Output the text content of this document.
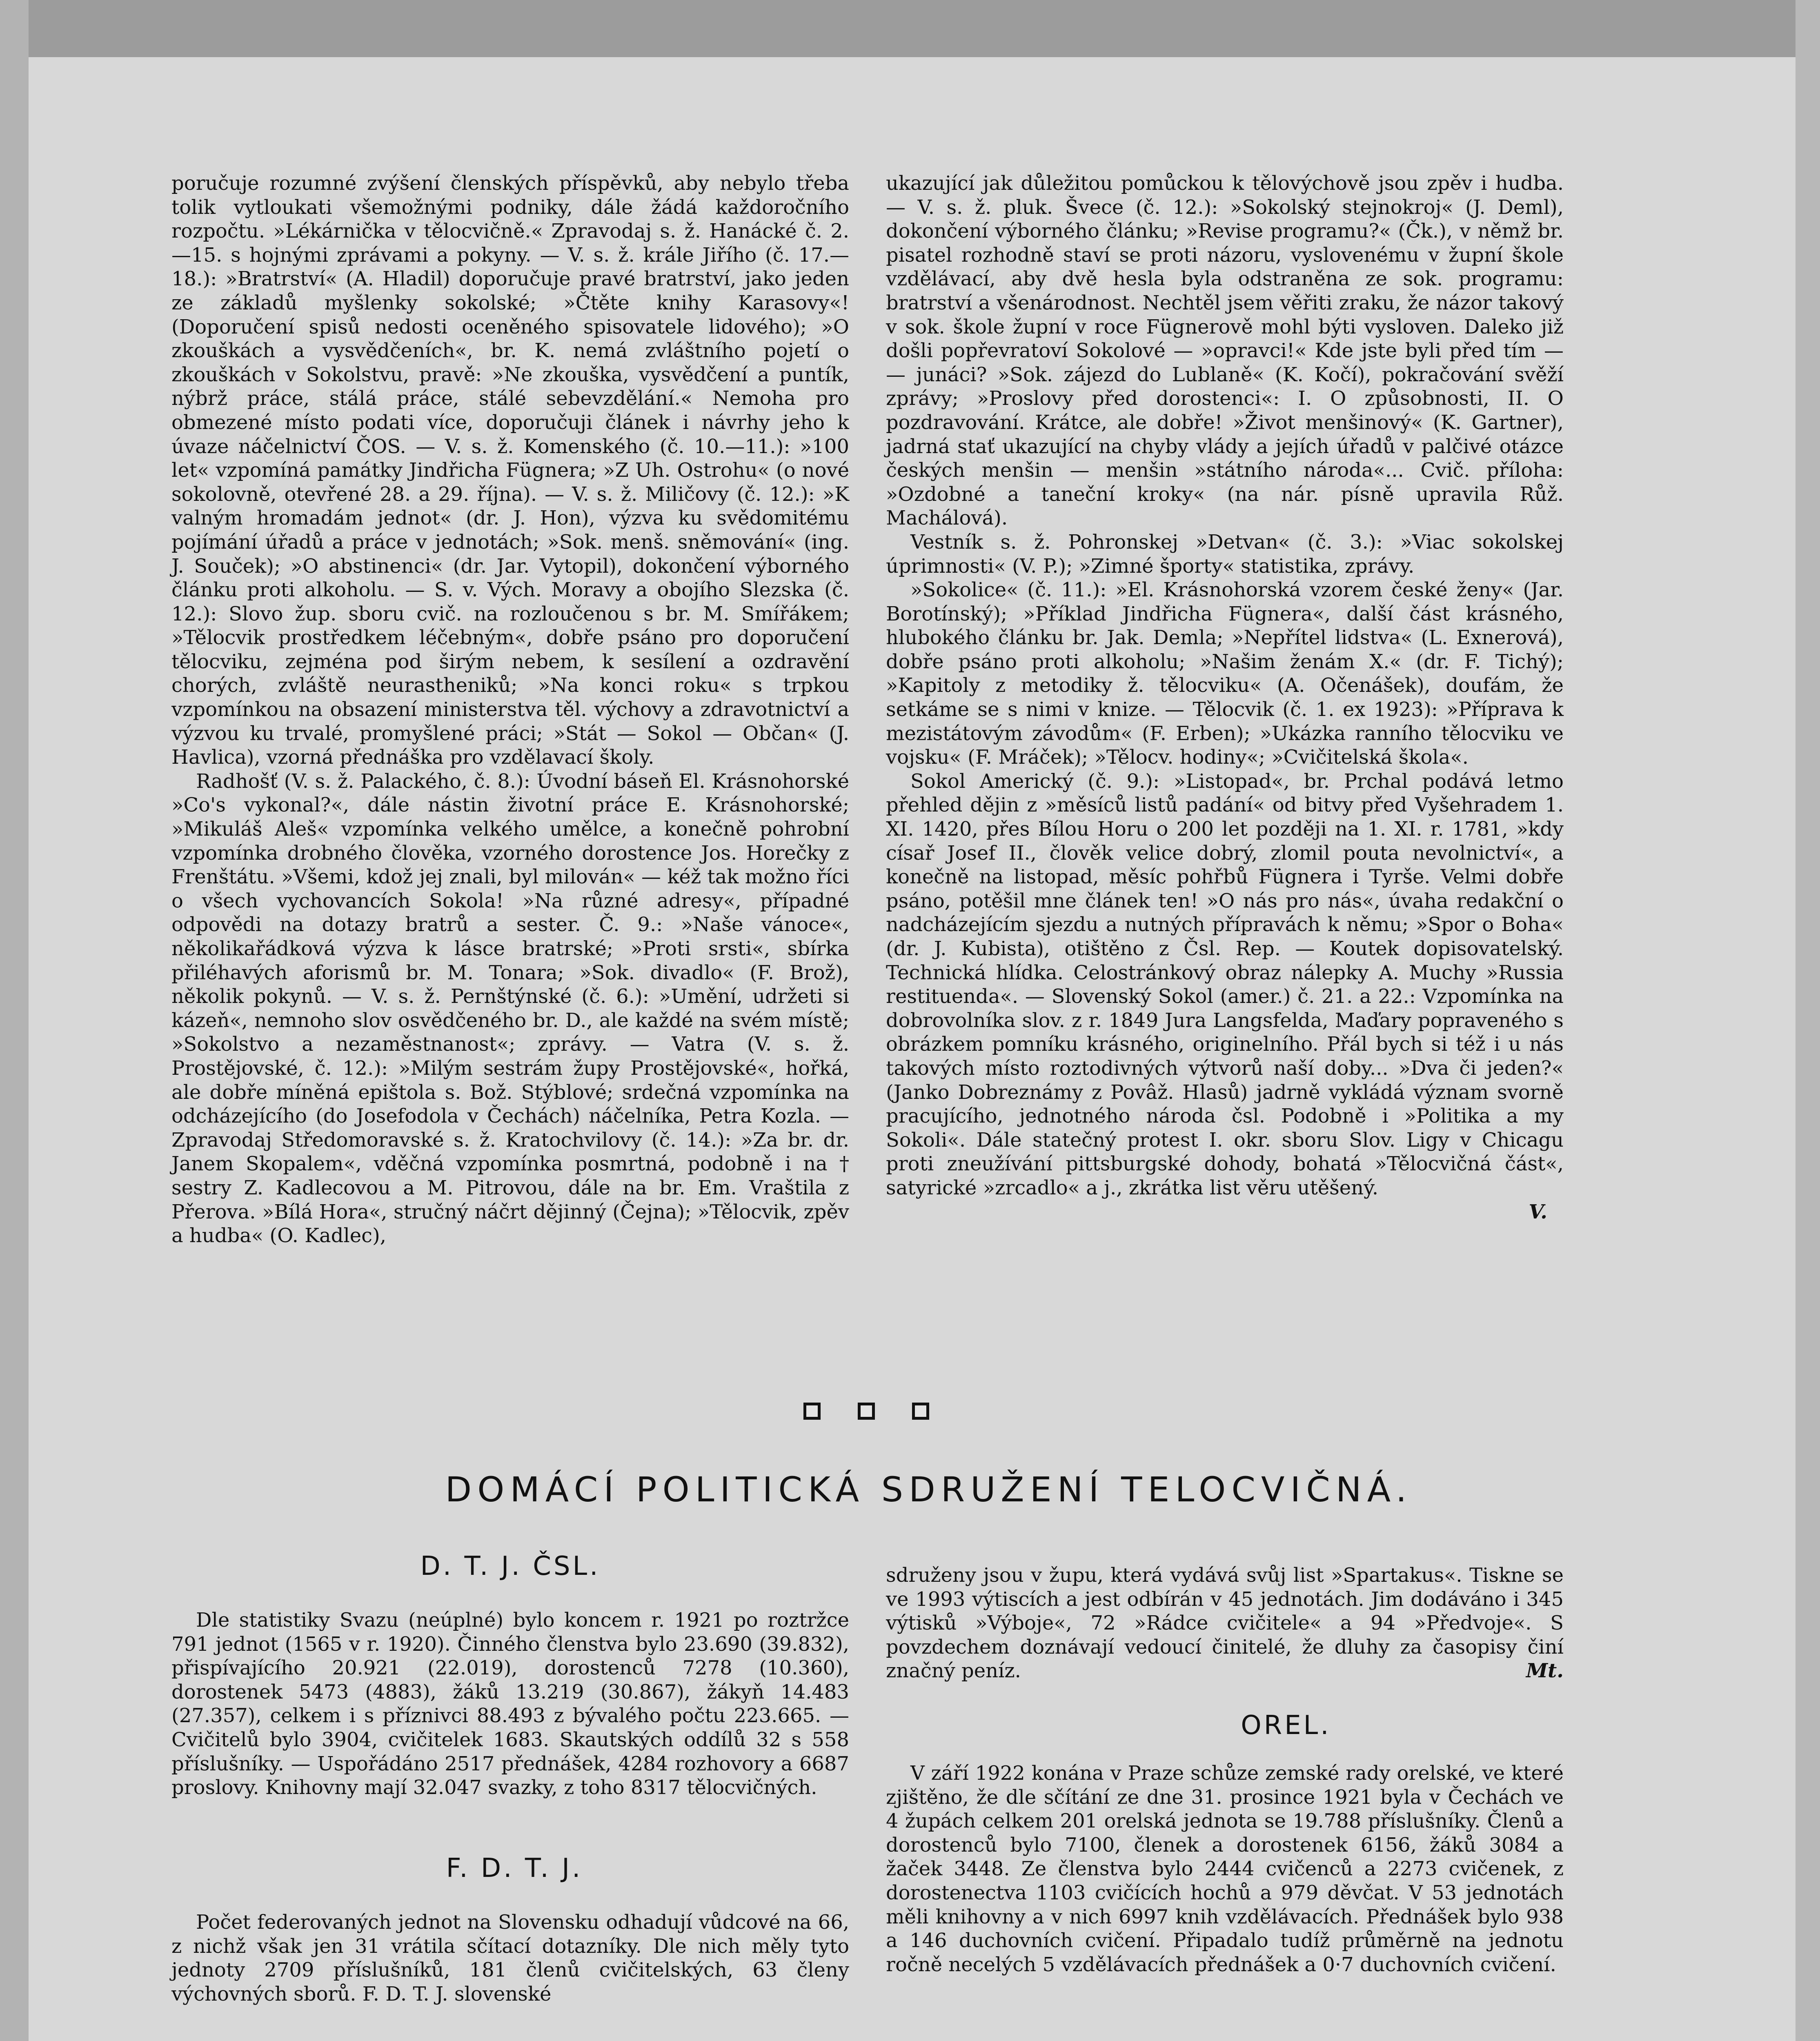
poručuje rozumné zvýšení členských příspěvků, aby nebylo třeba tolik vytloukati všemožnými podniky, dále žádá každoročního rozpočtu. »Lékárnička v tělocvičně.« Zpravodaj s. ž. Hanácké č. 2.—15. s hojnými zprávami a pokyny. — V. s. ž. krále Jiřího (č. 17.—18.): »Bratrství« (A. Hladil) doporučuje pravé bratrství, jako jeden ze základů myšlenky sokolské; »Čtěte knihy Karasovy«! (Doporučení spisů nedosti oceněného spisovatele lidového); »O zkouškách a vysvědčeních«, br. K. nemá zvláštního pojetí o zkouškách v Sokolstvu, pravě: »Ne zkouška, vysvědčení a puntík, nýbrž práce, stálá práce, stálé sebevzdělání.« Nemoha pro obmezené místo podati více, doporučuji článek i návrhy jeho k úvaze náčelnictví ČOS. — V. s. ž. Komenského (č. 10.—11.): »100 let« vzpomíná památky Jindřicha Fügnera; »Z Uh. Ostrohu« (o nové sokolovně, otevřené 28. a 29. října). — V. s. ž. Miličovy (č. 12.): »K valným hromadám jednot« (dr. J. Hon), výzva ku svědomitému pojímání úřadů a práce v jednotách; »Sok. menš. sněmování« (ing. J. Souček); »O abstinenci« (dr. Jar. Vytopil), dokončení výborného článku proti alkoholu. — S. v. Vých. Moravy a obojího Slezska (č. 12.): Slovo žup. sboru cvič. na rozloučenou s br. M. Smířákem; »Tělocvik prostředkem léčebným«, dobře psáno pro doporučení tělocviku, zejména pod širým nebem, k sesílení a ozdravění chorých, zvláště neurastheniků; »Na konci roku« s trpkou vzpomínkou na obsazení ministerstva těl. výchovy a zdravotnictví a výzvou ku trvalé, promyšlené práci; »Stát — Sokol — Občan« (J. Havlica), vzorná přednáška pro vzdělavací školy.

Radhošť (V. s. ž. Palackého, č. 8.): Úvodní báseň El. Krásnohorské »Co's vykonal?«, dále nástin životní práce E. Krásnohorské; »Mikuláš Aleš« vzpomínka velkého umělce, a konečně pohrobní vzpomínka drobného člověka, vzorného dorostence Jos. Horečky z Frenštátu. »Všemi, kdož jej znali, byl milován« — kéž tak možno říci o všech vychovancích Sokola! »Na různé adresy«, případné odpovědi na dotazy bratrů a sester. Č. 9.: »Naše vánoce«, několikařádková výzva k lásce bratrské; »Proti srsti«, sbírka přiléhavých aforismů br. M. Tonara; »Sok. divadlo« (F. Brož), několik pokynů. — V. s. ž. Pernštýnské (č. 6.): »Umění, udržeti si kázeň«, nemnoho slov osvědčeného br. D., ale každé na svém místě; »Sokolstvo a nezaměstnanost«; zprávy. — Vatra (V. s. ž. Prostějovské, č. 12.): »Milým sestrám župy Prostějovské«, hořká, ale dobře míněná epištola s. Bož. Stýblové; srdečná vzpomínka na odcházejícího (do Josefodola v Čechách) náčelníka, Petra Kozla. — Zpravodaj Středomoravské s. ž. Kratochvilovy (č. 14.): »Za br. dr. Janem Skopalem«, vděčná vzpomínka posmrtná, podobně i na † sestry Z. Kadlecovou a M. Pitrovou, dále na br. Em. Vraštila z Přerova. »Bílá Hora«, stručný náčrt dějinný (Čejna); »Tělocvik, zpěv a hudba« (O. Kadlec),

ukazující jak důležitou pomůckou k tělovýchově jsou zpěv i hudba. — V. s. ž. pluk. Švece (č. 12.): »Sokolský stejnokroj« (J. Deml), dokončení výborného článku; »Revise programu?« (Čk.), v němž br. pisatel rozhodně staví se proti názoru, vyslovenému v župní škole vzdělávací, aby dvě hesla byla odstraněna ze sok. programu: bratrství a všenárodnost. Nechtěl jsem věřiti zraku, že názor takový v sok. škole župní v roce Fügnerově mohl býti vysloven. Daleko již došli popřevratoví Sokolové — »opravci!« Kde jste byli před tím — — junáci? »Sok. zájezd do Lublaně« (K. Kočí), pokračování svěží zprávy; »Proslovy před dorostenci«: I. O způsobnosti, II. O pozdravování. Krátce, ale dobře! »Život menšinový« (K. Gartner), jadrná stať ukazující na chyby vlády a jejích úřadů v palčivé otázce českých menšin — menšin »státního národa«... Cvič. příloha: »Ozdobné a taneční kroky« (na nár. písně upravila Růž. Machálová).

Vestník s. ž. Pohronskej »Detvan« (č. 3.): »Viac sokolskej úprimnosti« (V. P.); »Zimné športy« statistika, zprávy.

»Sokolice« (č. 11.): »El. Krásnohorská vzorem české ženy« (Jar. Borotínský); »Příklad Jindřicha Fügnera«, další část krásného, hlubokého článku br. Jak. Demla; »Nepřítel lidstva« (L. Exnerová), dobře psáno proti alkoholu; »Našim ženám X.« (dr. F. Tichý); »Kapitoly z metodiky ž. tělocviku« (A. Očenášek), doufám, že setkáme se s nimi v knize. — Tělocvik (č. 1. ex 1923): »Příprava k mezistátovým závodům« (F. Erben); »Ukázka ranního tělocviku ve vojsku« (F. Mráček); »Tělocv. hodiny«; »Cvičitelská škola«.

Sokol Americký (č. 9.): »Listopad«, br. Prchal podává letmo přehled dějin z »měsíců listů padání« od bitvy před Vyšehradem 1. XI. 1420, přes Bílou Horu o 200 let později na 1. XI. r. 1781, »kdy císař Josef II., člověk velice dobrý, zlomil pouta nevolnictví«, a konečně na listopad, měsíc pohřbů Fügnera i Tyrše. Velmi dobře psáno, potěšil mne článek ten! »O nás pro nás«, úvaha redakční o nadcházejícím sjezdu a nutných přípravách k němu; »Spor o Boha« (dr. J. Kubista), otištěno z Čsl. Rep. — Koutek dopisovatelský. Technická hlídka. Celostránkový obraz nálepky A. Muchy »Russia restituenda«. — Slovenský Sokol (amer.) č. 21. a 22.: Vzpomínka na dobrovolníka slov. z r. 1849 Jura Langsfelda, Maďary popraveného s obrázkem pomníku krásného, originelního. Přál bych si též i u nás takových místo roztodivných výtvorů naší doby... »Dva či jeden?« (Janko Dobreznámy z Povâž. Hlasů) jadrně vykládá význam svorně pracujícího, jednotného národa čsl. Podobně i »Politika a my Sokoli«. Dále statečný protest I. okr. sboru Slov. Ligy v Chicagu proti zneužívání pittsburgské dohody, bohatá »Tělocvičná část«, satyrické »zrcadlo« a j., zkrátka list věru utěšený.

V.

DOMÁCÍ POLITICKÁ SDRUŽENÍ TELOCVIČNÁ.
D. T. J. ČSL.

Dle statistiky Svazu (neúplné) bylo koncem r. 1921 po roztržce 791 jednot (1565 v r. 1920). Činného členstva bylo 23.690 (39.832), přispívajícího 20.921 (22.019), dorostenců 7278 (10.360), dorostenek 5473 (4883), žáků 13.219 (30.867), žákyň 14.483 (27.357), celkem i s příznivci 88.493 z bývalého počtu 223.665. — Cvičitelů bylo 3904, cvičitelek 1683. Skautských oddílů 32 s 558 příslušníky. — Uspořádáno 2517 přednášek, 4284 rozhovory a 6687 proslovy. Knihovny mají 32.047 svazky, z toho 8317 tělocvičných.

F. D. T. J.

Počet federovaných jednot na Slovensku odhadují vůdcové na 66, z nichž však jen 31 vrátila sčítací dotazníky. Dle nich měly tyto jednoty 2709 příslušníků, 181 členů cvičitelských, 63 členy výchovných sborů. F. D. T. J. slovenské

sdruženy jsou v župu, která vydává svůj list »Spartakus«. Tiskne se ve 1993 výtiscích a jest odbírán v 45 jednotách. Jim dodáváno i 345 výtisků »Výboje«, 72 »Rádce cvičitele« a 94 »Předvoje«. S povzdechem doznávají vedoucí činitelé, že dluhy za časopisy činí značný peníz.	Mt.

OREL.

V září 1922 konána v Praze schůze zemské rady orelské, ve které zjištěno, že dle sčítání ze dne 31. prosince 1921 byla v Čechách ve 4 župách celkem 201 orelská jednota se 19.788 příslušníky. Členů a dorostenců bylo 7100, členek a dorostenek 6156, žáků 3084 a žaček 3448. Ze členstva bylo 2444 cvičenců a 2273 cvičenek, z dorostenectva 1103 cvičících hochů a 979 děvčat. V 53 jednotách měli knihovny a v nich 6997 knih vzdělávacích. Přednášek bylo 938 a 146 duchovních cvičení. Připadalo tudíž průměrně na jednotu ročně necelých 5 vzdělávacích přednášek a 0·7 duchovních cvičení.
